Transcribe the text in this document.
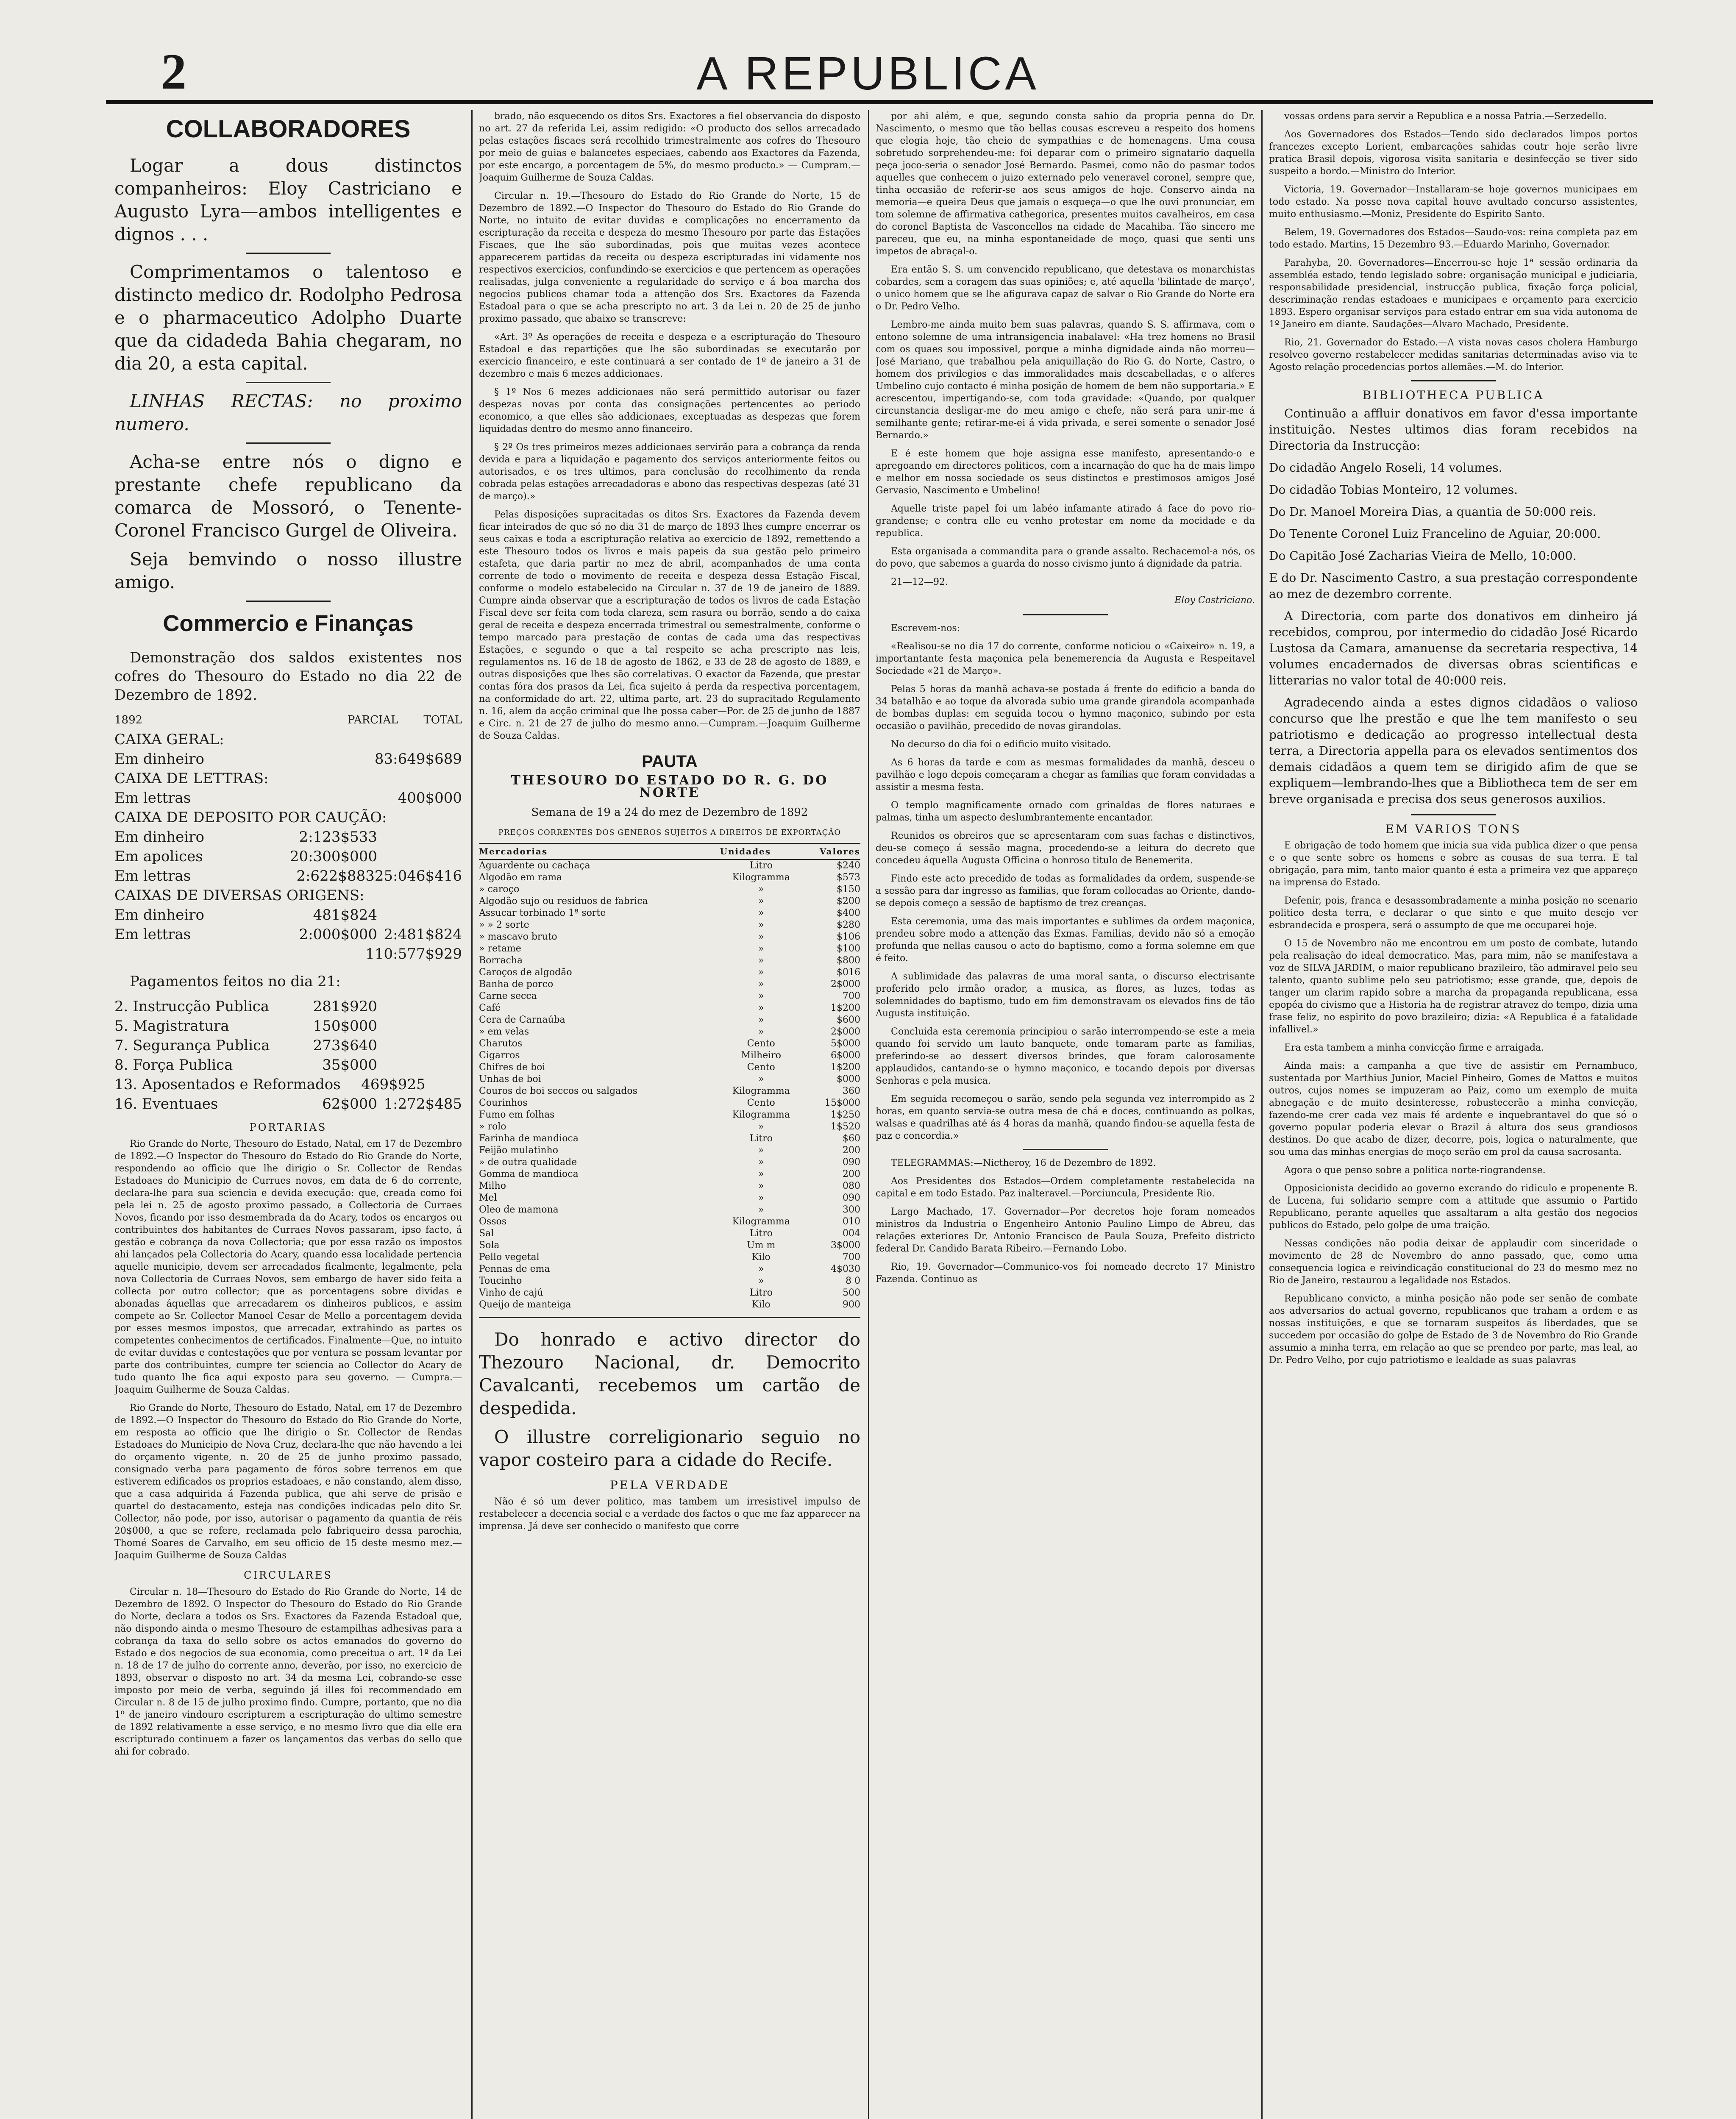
2	A REPUBLICA
COLLABORADORES

Logar a dous distinctos companheiros: Eloy Castriciano e Augusto Lyra—ambos intelligentes e dignos . . .

Comprimentamos o talentoso e distincto medico dr. Rodolpho Pedrosa e o pharmaceutico Adolpho Duarte que da cidadeda Bahia chegaram, no dia 20, a esta capital.

LINHAS RECTAS: no proximo numero.

Acha-se entre nós o digno e prestante chefe republicano da comarca de Mossoró, o Tenente-Coronel Francisco Gurgel de Oliveira.

Seja bemvindo o nosso illustre amigo.

Commercio e Finanças

Demonstração dos saldos existentes nos cofres do Thesouro do Estado no dia 22 de Dezembro de 1892.

1892	PARCIAL TOTAL
CAIXA GERAL:
Em dinheiro	83:649$689
CAIXA DE LETTRAS:
Em lettras	400$000
CAIXA DE DEPOSITO POR CAUÇÃO:
Em dinheiro	2:123$533
Em apolices	20:300$000
Em lettras	2:622$883 25:046$416
CAIXAS DE DIVERSAS ORIGENS:
Em dinheiro	481$824
Em lettras	2:000$000 2:481$824
110:577$929

Pagamentos feitos no dia 21:

2. Instrucção Publica	281$920
5. Magistratura	150$000
7. Segurança Publica	273$640
8. Força Publica	35$000
13. Aposentados e Reformados	469$925
16. Eventuaes	62$000 1:272$485
PORTARIAS

Rio Grande do Norte, Thesouro do Estado, Natal, em 17 de Dezembro de 1892.—O Inspector do Thesouro do Estado do Rio Grande do Norte, respondendo ao officio que lhe dirigio o Sr. Collector de Rendas Estadoaes do Municipio de Currues novos, em data de 6 do corrente, declara-lhe para sua sciencia e devida execução: que, creada como foi pela lei n. 25 de agosto proximo passado, a Collectoria de Curraes Novos, ficando por isso desmembrada da do Acary, todos os encargos ou contribuintes dos habitantes de Curraes Novos passaram, ipso facto, á gestão e cobrança da nova Collectoria; que por essa razão os impostos ahi lançados pela Collectoria do Acary, quando essa localidade pertencia aquelle municipio, devem ser arrecadados ficalmente, legalmente, pela nova Collectoria de Curraes Novos, sem embargo de haver sido feita a collecta por outro collector; que as porcentagens sobre dividas e abonadas áquellas que arrecadarem os dinheiros publicos, e assim compete ao Sr. Collector Manoel Cesar de Mello a porcentagem devida por esses mesmos impostos, que arrecadar, extrahindo as partes os competentes conhecimentos de certificados. Finalmente—Que, no intuito de evitar duvidas e contestações que por ventura se possam levantar por parte dos contribuintes, cumpre ter sciencia ao Collector do Acary de tudo quanto lhe fica aqui exposto para seu governo. — Cumpra.—Joaquim Guilherme de Souza Caldas.

Rio Grande do Norte, Thesouro do Estado, Natal, em 17 de Dezembro de 1892.—O Inspector do Thesouro do Estado do Rio Grande do Norte, em resposta ao officio que lhe dirigio o Sr. Collector de Rendas Estadoaes do Municipio de Nova Cruz, declara-lhe que não havendo a lei do orçamento vigente, n. 20 de 25 de junho proximo passado, consignado verba para pagamento de fóros sobre terrenos em que estiverem edificados os proprios estadoaes, e não constando, alem disso, que a casa adquirida á Fazenda publica, que ahi serve de prisão e quartel do destacamento, esteja nas condições indicadas pelo dito Sr. Collector, não pode, por isso, autorisar o pagamento da quantia de réis 20$000, a que se refere, reclamada pelo fabriqueiro dessa parochia, Thomé Soares de Carvalho, em seu officio de 15 deste mesmo mez.—Joaquim Guilherme de Souza Caldas

CIRCULARES

Circular n. 18—Thesouro do Estado do Rio Grande do Norte, 14 de Dezembro de 1892. O Inspector do Thesouro do Estado do Rio Grande do Norte, declara a todos os Srs. Exactores da Fazenda Estadoal que, não dispondo ainda o mesmo Thesouro de estampilhas adhesivas para a cobrança da taxa do sello sobre os actos emanados do governo do Estado e dos negocios de sua economia, como preceitua o art. 1º da Lei n. 18 de 17 de julho do corrente anno, deverão, por isso, no exercicio de 1893, observar o disposto no art. 34 da mesma Lei, cobrando-se esse imposto por meio de verba, seguindo já illes foi recommendado em Circular n. 8 de 15 de julho proximo findo. Cumpre, portanto, que no dia 1º de janeiro vindouro escripturem a escripturação do ultimo semestre de 1892 relativamente a esse serviço, e no mesmo livro que dia elle era escripturado continuem a fazer os lançamentos das verbas do sello que ahi for cobrado.

brado, não esquecendo os ditos Srs. Exactores a fiel observancia do disposto no art. 27 da referida Lei, assim redigido: «O producto dos sellos arrecadado pelas estações fiscaes será recolhido trimestralmente aos cofres do Thesouro por meio de guias e balancetes especiaes, cabendo aos Exactores da Fazenda, por este encargo, a porcentagem de 5%, do mesmo producto.» — Cumpram.—Joaquim Guilherme de Souza Caldas.

Circular n. 19.—Thesouro do Estado do Rio Grande do Norte, 15 de Dezembro de 1892.—O Inspector do Thesouro do Estado do Rio Grande do Norte, no intuito de evitar duvidas e complicações no encerramento da escripturação da receita e despeza do mesmo Thesouro por parte das Estações Fiscaes, que lhe são subordinadas, pois que muitas vezes acontece apparecerem partidas da receita ou despeza escripturadas ini vidamente nos respectivos exercicios, confundindo-se exercicios e que pertencem as operações realisadas, julga conveniente a regularidade do serviço e á boa marcha dos negocios publicos chamar toda a attenção dos Srs. Exactores da Fazenda Estadoal para o que se acha prescripto no art. 3 da Lei n. 20 de 25 de junho proximo passado, que abaixo se transcreve:

«Art. 3º As operações de receita e despeza e a escripturação do Thesouro Estadoal e das repartições que lhe são subordinadas se executarão por exercicio financeiro, e este continuará a ser contado de 1º de janeiro a 31 de dezembro e mais 6 mezes addicionaes.

§ 1º Nos 6 mezes addicionaes não será permittido autorisar ou fazer despezas novas por conta das consignações pertencentes ao periodo economico, a que elles são addicionaes, exceptuadas as despezas que forem liquidadas dentro do mesmo anno financeiro.

§ 2º Os tres primeiros mezes addicionaes servirão para a cobrança da renda devida e para a liquidação e pagamento dos serviços anteriormente feitos ou autorisados, e os tres ultimos, para conclusão do recolhimento da renda cobrada pelas estações arrecadadoras e abono das respectivas despezas (até 31 de março).»

Pelas disposições supracitadas os ditos Srs. Exactores da Fazenda devem ficar inteirados de que só no dia 31 de março de 1893 lhes cumpre encerrar os seus caixas e toda a escripturação relativa ao exercicio de 1892, remettendo a este Thesouro todos os livros e mais papeis da sua gestão pelo primeiro estafeta, que daria partir no mez de abril, acompanhados de uma conta corrente de todo o movimento de receita e despeza dessa Estação Fiscal, conforme o modelo estabelecido na Circular n. 37 de 19 de janeiro de 1889. Cumpre ainda observar que a escripturação de todos os livros de cada Estação Fiscal deve ser feita com toda clareza, sem rasura ou borrão, sendo a do caixa geral de receita e despeza encerrada trimestral ou semestralmente, conforme o tempo marcado para prestação de contas de cada uma das respectivas Estações, e segundo o que a tal respeito se acha prescripto nas leis, regulamentos ns. 16 de 18 de agosto de 1862, e 33 de 28 de agosto de 1889, e outras disposições que lhes são correlativas. O exactor da Fazenda, que prestar contas fóra dos prasos da Lei, fica sujeito á perda da respectiva porcentagem, na conformidade do art. 22, ultima parte, art. 23 do supracitado Regulamento n. 16, alem da acção criminal que lhe possa caber—Por. de 25 de junho de 1887 e Circ. n. 21 de 27 de julho do mesmo anno.—Cumpram.—Joaquim Guilherme de Souza Caldas.

PAUTA
THESOURO DO ESTADO DO R. G. DO NORTE
Semana de 19 a 24 do mez de Dezembro de 1892
PREÇOS CORRENTES DOS GENEROS SUJEITOS A DIREITOS DE EXPORTAÇÃO
Mercadorias	Unidades	Valores
Aguardente ou cachaça	Litro	$240
Algodão em rama	Kilogramma	$573
» caroço	»	$150
Algodão sujo ou residuos de fabrica	»	$200
Assucar torbinado 1ª sorte	»	$400
» » 2 sorte	»	$280
» mascavo bruto	»	$106
» retame	»	$100
Borracha	»	$800
Caroços de algodão	»	$016
Banha de porco	»	2$000
Carne secca	»	700
Café	»	1$200
Cera de Carnaúba	»	$600
» em velas	»	2$000
Charutos	Cento	5$000
Cigarros	Milheiro	6$000
Chifres de boi	Cento	1$200
Unhas de boi	»	$000
Couros de boi seccos ou salgados	Kilogramma	360
Courinhos	Cento	15$000
Fumo em folhas	Kilogramma	1$250
» rolo	»	1$520
Farinha de mandioca	Litro	$60
Feijão mulatinho	»	200
» de outra qualidade	»	090
Gomma de mandioca	»	200
Milho	»	080
Mel	»	090
Oleo de mamona	»	300
Ossos	Kilogramma	010
Sal	Litro	004
Sola	Um m	3$000
Pello vegetal	Kilo	700
Pennas de ema	»	4$030
Toucinho	»	8 0
Vinho de cajú	Litro	500
Queijo de manteiga	Kilo	900

Do honrado e activo director do Thezouro Nacional, dr. Democrito Cavalcanti, recebemos um cartão de despedida.

O illustre correligionario seguio no vapor costeiro para a cidade do Recife.

PELA VERDADE

Não é só um dever politico, mas tambem um irresistivel impulso de restabelecer a decencia social e a verdade dos factos o que me faz apparecer na imprensa. Já deve ser conhecido o manifesto que corre

por ahi além, e que, segundo consta sahio da propria penna do Dr. Nascimento, o mesmo que tão bellas cousas escreveu a respeito dos homens que elogia hoje, tão cheio de sympathias e de homenagens. Uma cousa sobretudo sorprehendeu-me: foi deparar com o primeiro signatario daquella peça joco-seria o senador José Bernardo. Pasmei, como não do pasmar todos aquelles que conhecem o juizo externado pelo veneravel coronel, sempre que, tinha occasião de referir-se aos seus amigos de hoje. Conservo ainda na memoria—e queira Deus que jamais o esqueça—o que lhe ouvi pronunciar, em tom solemne de affirmativa cathegorica, presentes muitos cavalheiros, em casa do coronel Baptista de Vasconcellos na cidade de Macahiba. Tão sincero me pareceu, que eu, na minha espontaneidade de moço, quasi que senti uns impetos de abraçal-o.

Era então S. S. um convencido republicano, que detestava os monarchistas cobardes, sem a coragem das suas opiniões; e, até aquella 'bilintade de março', o unico homem que se lhe afigurava capaz de salvar o Rio Grande do Norte era o Dr. Pedro Velho.

Lembro-me ainda muito bem suas palavras, quando S. S. affirmava, com o entono solemne de uma intransigencia inabalavel: «Ha trez homens no Brasil com os quaes sou impossivel, porque a minha dignidade ainda não morreu—José Mariano, que trabalhou pela aniquillação do Rio G. do Norte, Castro, o homem dos privilegios e das immoralidades mais descabelladas, e o alferes Umbelino cujo contacto é minha posição de homem de bem não supportaria.» E acrescentou, impertigando-se, com toda gravidade: «Quando, por qualquer circunstancia desligar-me do meu amigo e chefe, não será para unir-me á semilhante gente; retirar-me-ei á vida privada, e serei somente o senador José Bernardo.»

E é este homem que hoje assigna esse manifesto, apresentando-o e apregoando em directores politicos, com a incarnação do que ha de mais limpo e melhor em nossa sociedade os seus distinctos e prestimosos amigos José Gervasio, Nascimento e Umbelino!

Aquelle triste papel foi um labéo infamante atirado á face do povo rio-grandense; e contra elle eu venho protestar em nome da mocidade e da republica.

Esta organisada a commandita para o grande assalto. Rechacemol-a nós, os do povo, que sabemos a guarda do nosso civismo junto á dignidade da patria.

21—12—92.

Eloy Castriciano.

Escrevem-nos:

«Realisou-se no dia 17 do corrente, conforme noticiou o «Caixeiro» n. 19, a importantante festa maçonica pela benemerencia da Augusta e Respeitavel Sociedade «21 de Março».

Pelas 5 horas da manhã achava-se postada á frente do edificio a banda do 34 batalhão e ao toque da alvorada subio uma grande girandola acompanhada de bombas duplas: em seguida tocou o hymno maçonico, subindo por esta occasião o pavilhão, precedido de novas girandolas.

No decurso do dia foi o edificio muito visitado.

As 6 horas da tarde e com as mesmas formalidades da manhã, desceu o pavilhão e logo depois começaram a chegar as familias que foram convidadas a assistir a mesma festa.

O templo magnificamente ornado com grinaldas de flores naturaes e palmas, tinha um aspecto deslumbrantemente encantador.

Reunidos os obreiros que se apresentaram com suas fachas e distinctivos, deu-se começo á sessão magna, procedendo-se a leitura do decreto que concedeu áquella Augusta Officina o honroso titulo de Benemerita.

Findo este acto precedido de todas as formalidades da ordem, suspende-se a sessão para dar ingresso as familias, que foram collocadas ao Oriente, dando-se depois começo a sessão de baptismo de trez creanças.

Esta ceremonia, uma das mais importantes e sublimes da ordem maçonica, prendeu sobre modo a attenção das Exmas. Familias, devido não só a emoção profunda que nellas causou o acto do baptismo, como a forma solemne em que é feito.

A sublimidade das palavras de uma moral santa, o discurso electrisante proferido pelo irmão orador, a musica, as flores, as luzes, todas as solemnidades do baptismo, tudo em fim demonstravam os elevados fins de tão Augusta instituição.

Concluida esta ceremonia principiou o sarão interrompendo-se este a meia quando foi servido um lauto banquete, onde tomaram parte as familias, preferindo-se ao dessert diversos brindes, que foram calorosamente applaudidos, cantando-se o hymno maçonico, e tocando depois por diversas Senhoras e pela musica.

Em seguida recomeçou o sarão, sendo pela segunda vez interrompido as 2 horas, em quanto servia-se outra mesa de chá e doces, continuando as polkas, walsas e quadrilhas até ás 4 horas da manhã, quando findou-se aquella festa de paz e concordia.»

TELEGRAMMAS:—Nictheroy, 16 de Dezembro de 1892.

Aos Presidentes dos Estados—Ordem completamente restabelecida na capital e em todo Estado. Paz inalteravel.—Porciuncula, Presidente Rio.

Largo Machado, 17. Governador—Por decretos hoje foram nomeados ministros da Industria o Engenheiro Antonio Paulino Limpo de Abreu, das relações exteriores Dr. Antonio Francisco de Paula Souza, Prefeito districto federal Dr. Candido Barata Ribeiro.—Fernando Lobo.

Rio, 19. Governador—Communico-vos foi nomeado decreto 17 Ministro Fazenda. Continuo as

vossas ordens para servir a Republica e a nossa Patria.—Serzedello.

Aos Governadores dos Estados—Tendo sido declarados limpos portos francezes excepto Lorient, embarcações sahidas coutr hoje serão livre pratica Brasil depois, vigorosa visita sanitaria e desinfecção se tiver sido suspeito a bordo.—Ministro do Interior.

Victoria, 19. Governador—Installaram-se hoje governos municipaes em todo estado. Na posse nova capital houve avultado concurso assistentes, muito enthusiasmo.—Moniz, Presidente do Espirito Santo.

Belem, 19. Governadores dos Estados—Saudo-vos: reina completa paz em todo estado. Martins, 15 Dezembro 93.—Eduardo Marinho, Governador.

Parahyba, 20. Governadores—Encerrou-se hoje 1ª sessão ordinaria da assembléa estado, tendo legislado sobre: organisação municipal e judiciaria, responsabilidade presidencial, instrucção publica, fixação força policial, descriminação rendas estadoaes e municipaes e orçamento para exercicio 1893. Espero organisar serviços para estado entrar em sua vida autonoma de 1º Janeiro em diante. Saudações—Alvaro Machado, Presidente.

Rio, 21. Governador do Estado.—A vista novas casos cholera Hamburgo resolveo governo restabelecer medidas sanitarias determinadas aviso via te Agosto relação procedencias portos allemães.—M. do Interior.

BIBLIOTHECA PUBLICA

Continuão a affluir donativos em favor d'essa importante instituição. Nestes ultimos dias foram recebidos na Directoria da Instrucção:

Do cidadão Angelo Roseli, 14 volumes.

Do cidadão Tobias Monteiro, 12 volumes.

Do Dr. Manoel Moreira Dias, a quantia de 50:000 reis.

Do Tenente Coronel Luiz Francelino de Aguiar, 20:000.

Do Capitão José Zacharias Vieira de Mello, 10:000.

E do Dr. Nascimento Castro, a sua prestação correspondente ao mez de dezembro corrente.

A Directoria, com parte dos donativos em dinheiro já recebidos, comprou, por intermedio do cidadão José Ricardo Lustosa da Camara, amanuense da secretaria respectiva, 14 volumes encadernados de diversas obras scientificas e litterarias no valor total de 40:000 reis.

Agradecendo ainda a estes dignos cidadãos o valioso concurso que lhe prestão e que lhe tem manifesto o seu patriotismo e dedicação ao progresso intellectual desta terra, a Directoria appella para os elevados sentimentos dos demais cidadãos a quem tem se dirigido afim de que se expliquem—lembrando-lhes que a Bibliotheca tem de ser em breve organisada e precisa dos seus generosos auxilios.

EM VARIOS TONS

E obrigação de todo homem que inicia sua vida publica dizer o que pensa e o que sente sobre os homens e sobre as cousas de sua terra. E tal obrigação, para mim, tanto maior quanto é esta a primeira vez que appareço na imprensa do Estado.

Defenir, pois, franca e desassombradamente a minha posição no scenario politico desta terra, e declarar o que sinto e que muito desejo ver esbrandecida e prospera, será o assumpto de que me occuparei hoje.

O 15 de Novembro não me encontrou em um posto de combate, lutando pela realisação do ideal democratico. Mas, para mim, não se manifestava a voz de SILVA JARDIM, o maior republicano brazileiro, tão admiravel pelo seu talento, quanto sublime pelo seu patriotismo; esse grande, que, depois de tanger um clarim rapido sobre a marcha da propaganda republicana, essa epopéa do civismo que a Historia ha de registrar atravez do tempo, dizia uma frase feliz, no espirito do povo brazileiro; dizia: «A Republica é a fatalidade infallivel.»

Era esta tambem a minha convicção firme e arraigada.

Ainda mais: a campanha a que tive de assistir em Pernambuco, sustentada por Marthius Junior, Maciel Pinheiro, Gomes de Mattos e muitos outros, cujos nomes se impuzeram ao Paiz, como um exemplo de muita abnegação e de muito desinteresse, robustecerão a minha convicção, fazendo-me crer cada vez mais fé ardente e inquebrantavel do que só o governo popular poderia elevar o Brazil á altura dos seus grandiosos destinos. Do que acabo de dizer, decorre, pois, logica o naturalmente, que sou uma das minhas energias de moço serão em prol da causa sacrosanta.

Agora o que penso sobre a politica norte-riograndense.

Opposicionista decidido ao governo excrando do ridiculo e propenente B. de Lucena, fui solidario sempre com a attitude que assumio o Partido Republicano, perante aquelles que assaltaram a alta gestão dos negocios publicos do Estado, pelo golpe de uma traição.

Nessas condições não podia deixar de applaudir com sinceridade o movimento de 28 de Novembro do anno passado, que, como uma consequencia logica e reivindicação constitucional do 23 do mesmo mez no Rio de Janeiro, restaurou a legalidade nos Estados.

Republicano convicto, a minha posição não pode ser senão de combate aos adversarios do actual governo, republicanos que traham a ordem e as nossas instituições, e que se tornaram suspeitos ás liberdades, que se succedem por occasião do golpe de Estado de 3 de Novembro do Rio Grande assumio a minha terra, em relação ao que se prendeo por parte, mas leal, ao Dr. Pedro Velho, por cujo patriotismo e lealdade as suas palavras
